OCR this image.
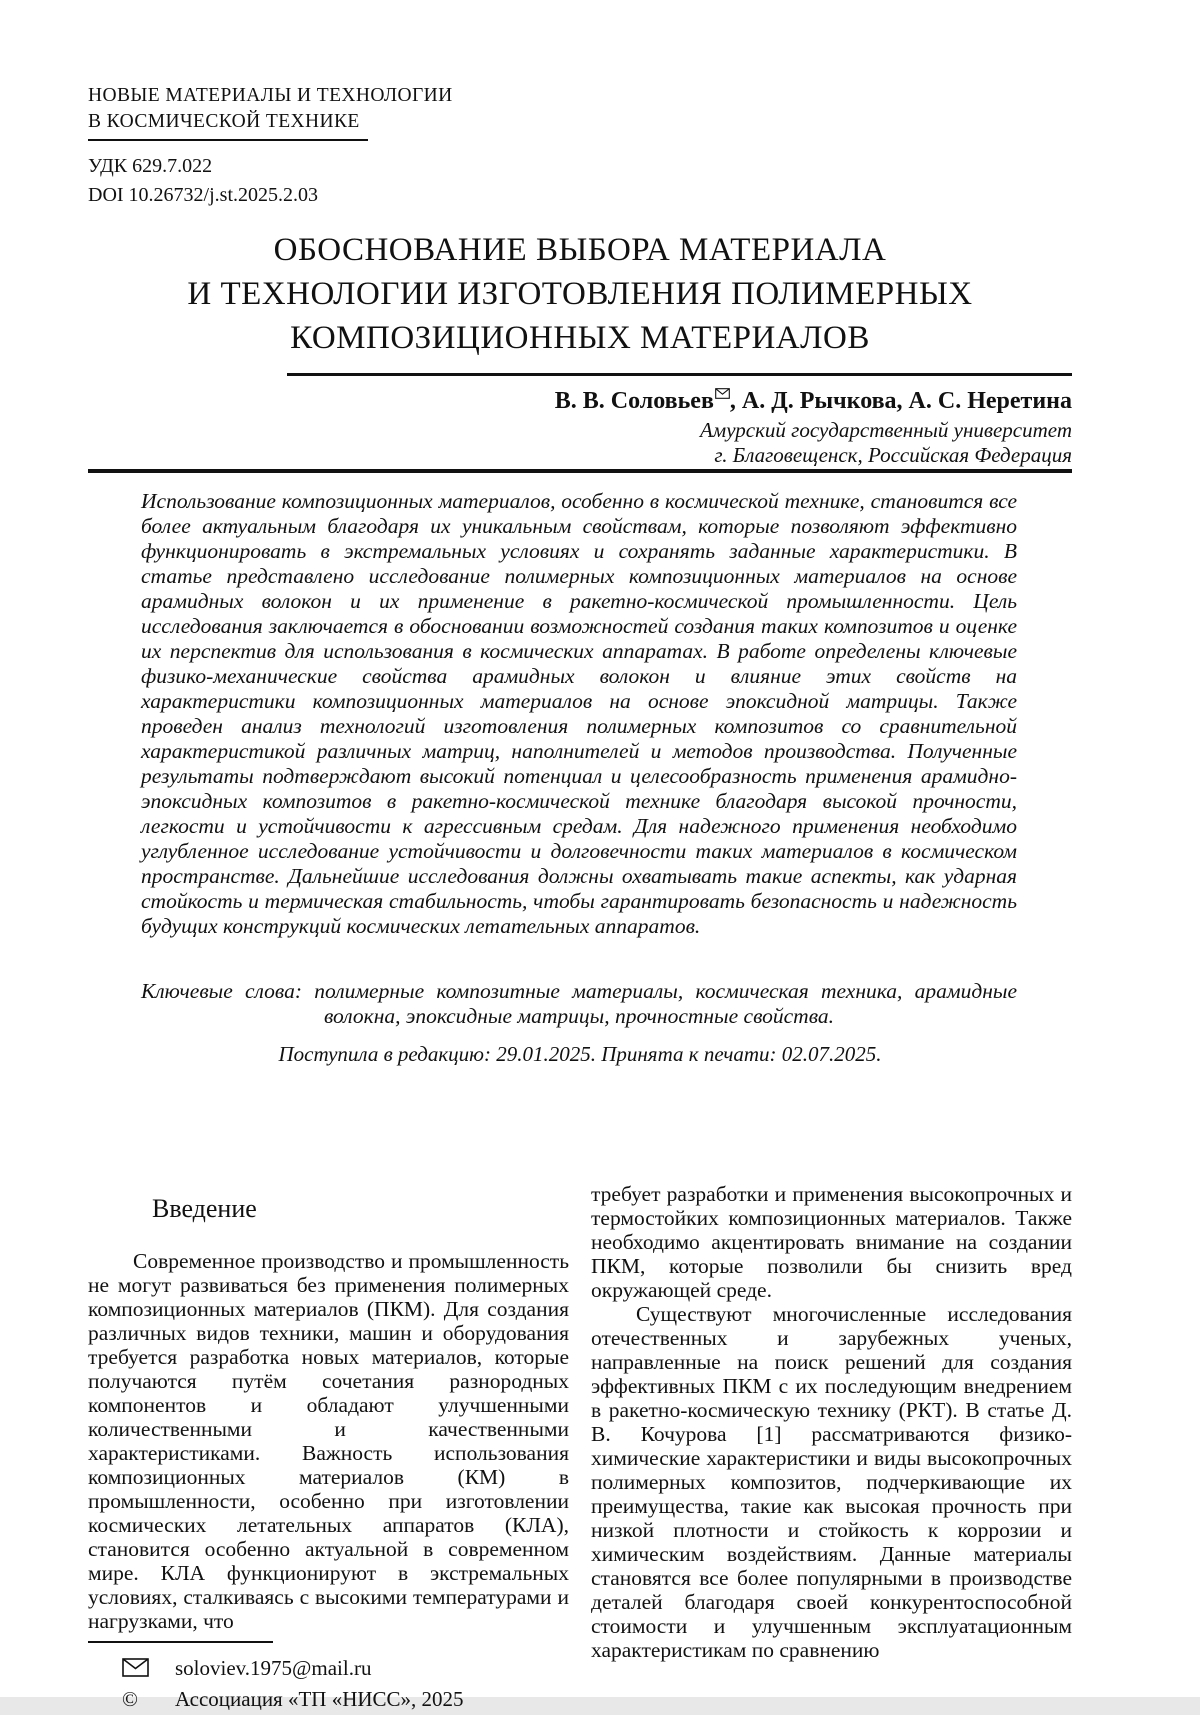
НОВЫЕ МАТЕРИАЛЫ И ТЕХНОЛОГИИ
В КОСМИЧЕСКОЙ ТЕХНИКЕ
УДК 629.7.022
DOI 10.26732/j.st.2025.2.03
ОБОСНОВАНИЕ ВЫБОРА МАТЕРИАЛА
И ТЕХНОЛОГИИ ИЗГОТОВЛЕНИЯ ПОЛИМЕРНЫХ
КОМПОЗИЦИОННЫХ МАТЕРИАЛОВ
В. В. Соловьев , А. Д. Рычкова, А. С. Неретина
Амурский государственный университет
г. Благовещенск, Российская Федерация

Использование композиционных материалов, особенно в космической технике, становится все более актуальным благодаря их уникальным свойствам, которые позволяют эффективно функционировать в экстремальных условиях и сохранять заданные характеристики. В статье представлено исследование полимерных композиционных материалов на основе арамидных волокон и их применение в ракетно-космической промышленности. Цель исследования заключается в обосновании возможностей создания таких композитов и оценке их перспектив для использования в космических аппаратах. В работе определены ключевые физико-механические свойства арамидных волокон и влияние этих свойств на характеристики композиционных материалов на основе эпоксидной матрицы. Также проведен анализ технологий изготовления полимерных композитов со сравнительной характеристикой различных матриц, наполнителей и методов производства. Полученные результаты подтверждают высокий потенциал и целесообразность применения арамидно-эпоксидных композитов в ракетно-космической технике благодаря высокой прочности, легкости и устойчивости к агрессивным средам. Для надежного применения необходимо углубленное исследование устойчивости и долговечности таких материалов в космическом пространстве. Дальнейшие исследования должны охватывать такие аспекты, как ударная стойкость и термическая стабильность, чтобы гарантировать безопасность и надежность будущих конструкций космических летательных аппаратов.

Ключевые слова: полимерные композитные материалы, космическая техника, арамидные волокна, эпоксидные матрицы, прочностные свойства.

Поступила в редакцию: 29.01.2025. Принята к печати: 02.07.2025.

Введение

Современное производство и промышленность не могут развиваться без применения полимерных композиционных материалов (ПКМ). Для создания различных видов техники, машин и оборудования требуется разработка новых материалов, которые получаются путём сочетания разнородных компонентов и обладают улучшенными количественными и качественными характеристиками. Важность использования композиционных материалов (КМ) в промышленности, особенно при изготовлении космических летательных аппаратов (КЛА), становится особенно актуальной в современном мире. КЛА функционируют в экстремальных условиях, сталкиваясь с высокими температурами и нагрузками, что

soloviev.1975@mail.ru
©	Ассоциация «ТП «НИСС», 2025

требует разработки и применения высокопрочных и термостойких композиционных материалов. Также необходимо акцентировать внимание на создании ПКМ, которые позволили бы снизить вред окружающей среде.

Существуют многочисленные исследования отечественных и зарубежных ученых, направленные на поиск решений для создания эффективных ПКМ с их последующим внедрением в ракетно-космическую технику (РКТ). В статье Д. В. Кочурова [1] рассматриваются физико-химические характеристики и виды высокопрочных полимерных композитов, подчеркивающие их преимущества, такие как высокая прочность при низкой плотности и стойкость к коррозии и химическим воздействиям. Данные материалы становятся все более популярными в производстве деталей благодаря своей конкурентоспособной стоимости и улучшенным эксплуатационным характеристикам по сравнению
